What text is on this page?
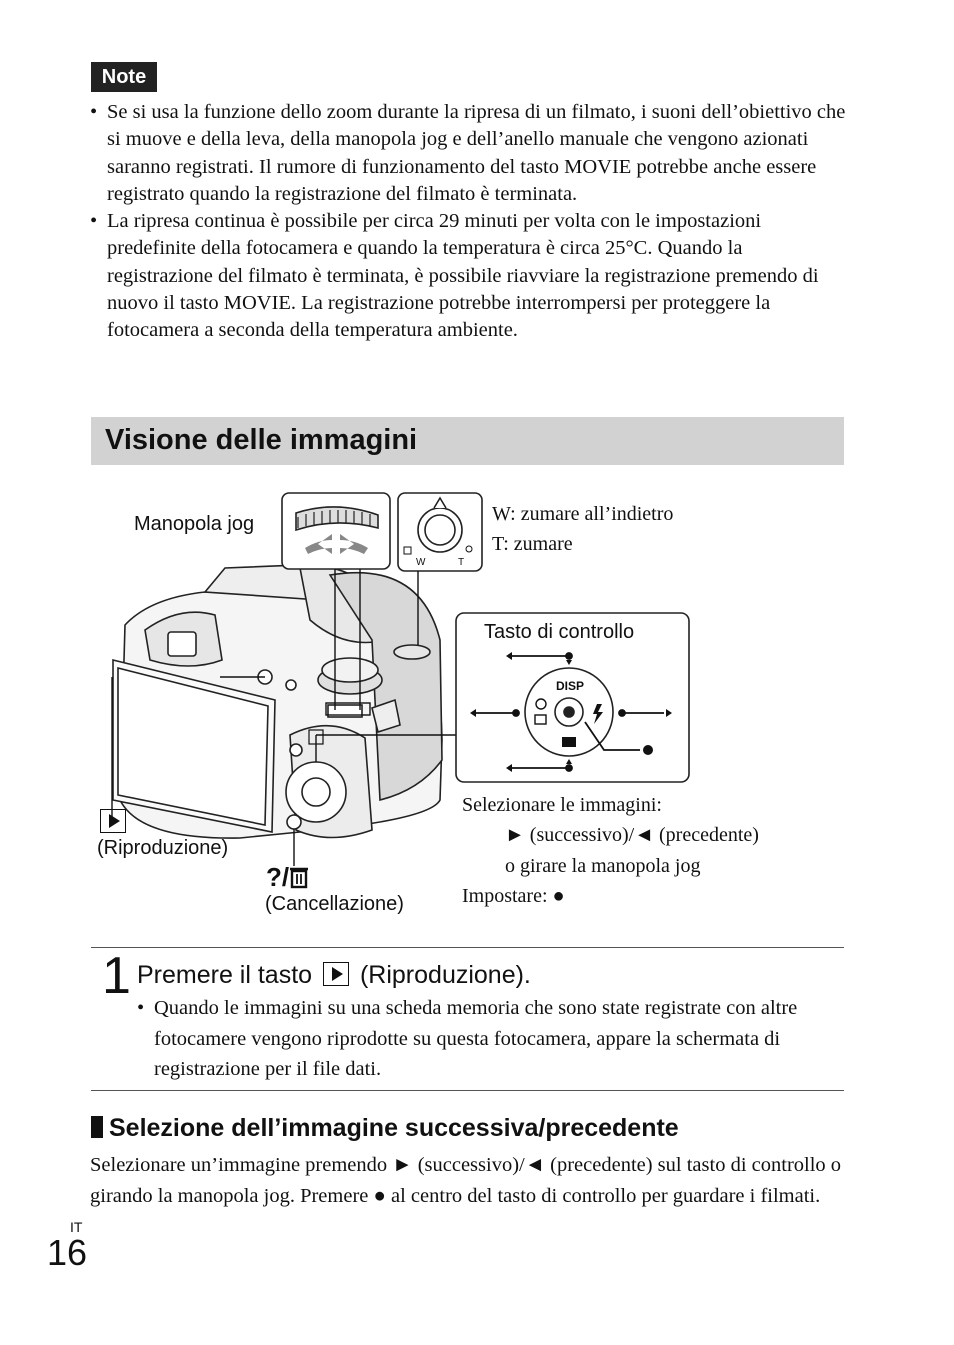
Note
• Se si usa la funzione dello zoom durante la ripresa di un filmato, i suoni dell’obiettivo che si muove e della leva, della manopola jog e dell’anello manuale che vengono azionati saranno registrati. Il rumore di funzionamento del tasto MOVIE potrebbe anche essere registrato quando la registrazione del filmato è terminata.
• La ripresa continua è possibile per circa 29 minuti per volta con le impostazioni predefinite della fotocamera e quando la temperatura è circa 25°C. Quando la registrazione del filmato è terminata, è possibile riavviare la registrazione premendo di nuovo il tasto MOVIE. La registrazione potrebbe interrompersi per proteggere la fotocamera a seconda della temperatura ambiente.
Visione delle immagini
W	T
DISP
Manopola jog	W: zumare all’indietro
T: zumare
Tasto di controllo
(Riproduzione)
?/
(Cancellazione)
Selezionare le immagini:
► (successivo)/◄ (precedente)
o girare la manopola jog
Impostare: ●
1 Premere il tasto (Riproduzione).
• Quando le immagini su una scheda memoria che sono state registrate con altre fotocamere vengono riprodotte su questa fotocamera, appare la schermata di registrazione per il file dati.
Selezione dell’immagine successiva/precedente
Selezionare un’immagine premendo ► (successivo)/◄ (precedente) sul tasto di controllo o girando la manopola jog. Premere ● al centro del tasto di controllo per guardare i filmati.
IT
16
